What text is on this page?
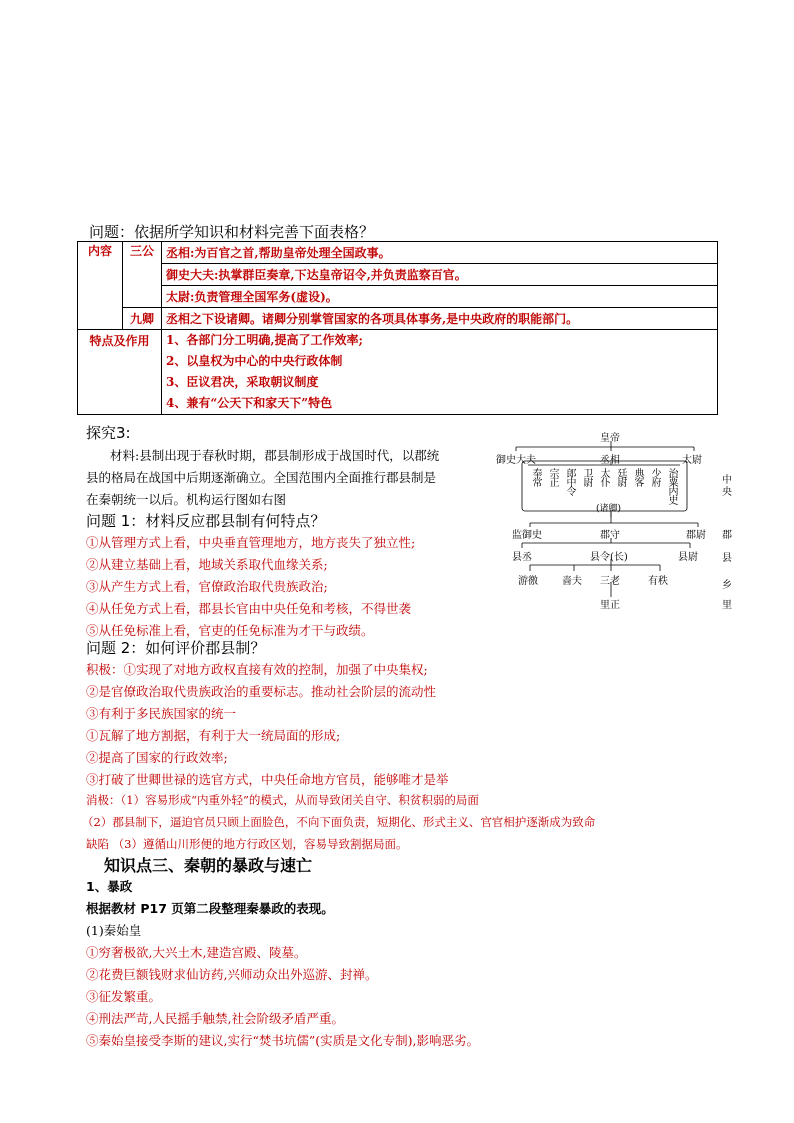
问题：依据所学知识和材料完善下面表格？
内容	三公	丞相:为百官之首,帮助皇帝处理全国政事。
		御史大夫:执掌群臣奏章,下达皇帝诏令,并负责监察百官。
		太尉:负责管理全国军务(虚设)。
	九卿	丞相之下设诸卿。诸卿分别掌管国家的各项具体事务,是中央政府的职能部门。
特点及作用		1、各部门分工明确,提高了工作效率;
2、以皇权为中心的中央行政体制
3、臣议君决，采取朝议制度
4、兼有“公天下和家天下”特色
探究3:
材料:县制出现于春秋时期，郡县制形成于战国时代，以郡统
县的格局在战国中后期逐渐确立。全国范围内全面推行郡县制是
在秦朝统一以后。机构运行图如右图
皇帝
御史大夫	丞相	太尉
奉常 宗正 郎中令 卫尉 太仆 廷尉 典客 少府 治粟内史
(诸卿)
监御史	郡守	郡尉
县丞	县令(长)	县尉
游徼 啬夫 三老	有秩
里正
中
央
郡
县
乡
里
问题 1：材料反应郡县制有何特点？
①从管理方式上看，中央垂直管理地方，地方丧失了独立性;
②从建立基础上看，地域关系取代血缘关系;
③从产生方式上看，官僚政治取代贵族政治;
④从任免方式上看，郡县长官由中央任免和考核，不得世袭
⑤从任免标准上看，官吏的任免标准为才干与政绩。
问题 2：如何评价郡县制？
积极：①实现了对地方政权直接有效的控制，加强了中央集权;
②是官僚政治取代贵族政治的重要标志。推动社会阶层的流动性
③有利于多民族国家的统一
①瓦解了地方割据，有利于大一统局面的形成;
②提高了国家的行政效率;
③打破了世卿世禄的选官方式，中央任命地方官员，能够唯才是举
消极：（1）容易形成“内重外轻”的模式，从而导致闭关自守、积贫积弱的局面
（2）郡县制下，逼迫官员只顾上面脸色，不向下面负责，短期化、形式主义、官官相护逐渐成为致命
缺陷 （3）遵循山川形便的地方行政区划，容易导致割据局面。
知识点三、秦朝的暴政与速亡
1、暴政
根据教材 P17 页第二段整理秦暴政的表现。
(1)秦始皇
①穷奢极欲,大兴土木,建造宫殿、陵墓。
②花费巨额钱财求仙访药,兴师动众出外巡游、封禅。
③征发繁重。
④刑法严苛,人民摇手触禁,社会阶级矛盾严重。
⑤秦始皇接受李斯的建议,实行“焚书坑儒”(实质是文化专制),影响恶劣。
